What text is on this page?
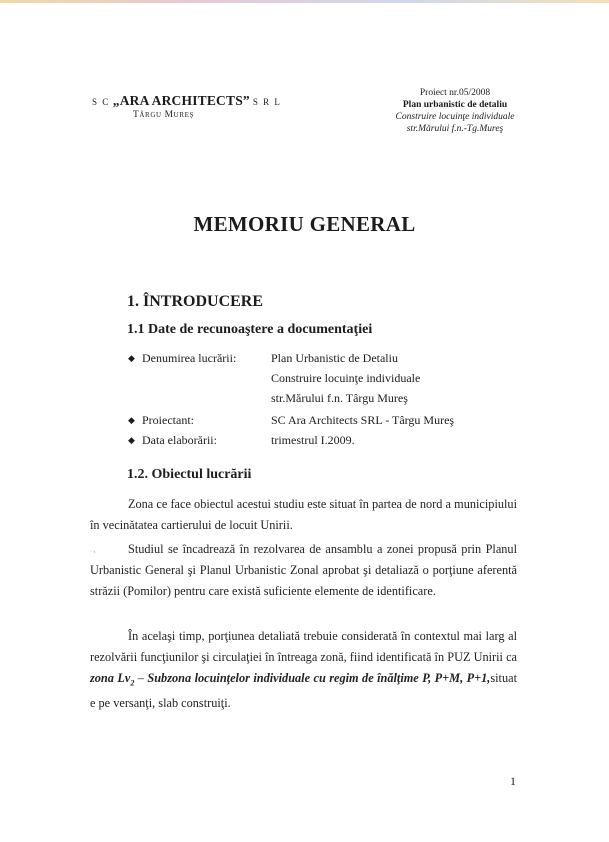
S C „ARA ARCHITECTS” S R L
Târgu Mureş
Proiect nr.05/2008
Plan urbanistic de detaliu
Construire locuinţe individuale
str.Mărului f.n.-Tg.Mureş
MEMORIU GENERAL
1. ÎNTRODUCERE
1.1 Date de recunoaştere a documentaţiei
◆ Denumirea lucrării:	Plan Urbanistic de Detaliu
Construire locuinţe individuale
str.Mărului f.n. Târgu Mureş
◆ Proiectant:	SC Ara Architects SRL - Târgu Mureş
◆ Data elaborării:	trimestrul I.2009.
1.2. Obiectul lucrării
Zona ce face obiectul acestui studiu este situat în partea de nord a municipiului în vecinătatea cartierului de locuit Unirii.
·	Studiul se încadrează în rezolvarea de ansamblu a zonei propusă prin Planul Urbanistic General şi Planul Urbanistic Zonal aprobat şi detaliază o porţiune aferentă străzii (Pomilor) pentru care există suficiente elemente de identificare.
În acelaşi timp, porţiunea detaliată trebuie considerată în contextul mai larg al rezolvării funcţiunilor şi circulaţiei în întreaga zonă, fiind identificată în PUZ Unirii ca zona $Lv_2$ – Subzona locuinţelor individuale cu regim de înălţime P, P+M, P+1,situat e pe versanţi, slab construiţi.
1
